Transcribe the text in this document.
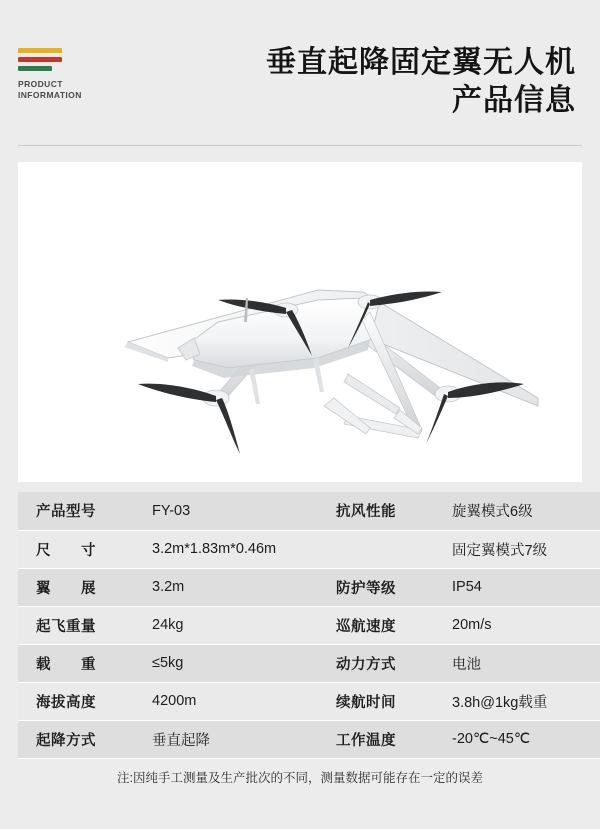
PRODUCT
INFORMATION
垂直起降固定翼无人机
产品信息
产品型号	FY-03	抗风性能	旋翼模式6级
尺　　寸	3.2m*1.83m*0.46m		固定翼模式7级
翼　　展	3.2m	防护等级	IP54
起飞重量	24kg	巡航速度	20m/s
载　　重	≤5kg	动力方式	电池
海拔高度	4200m	续航时间	3.8h@1kg载重
起降方式	垂直起降	工作温度	-20℃~45℃
注:因纯手工测量及生产批次的不同，测量数据可能存在一定的误差
